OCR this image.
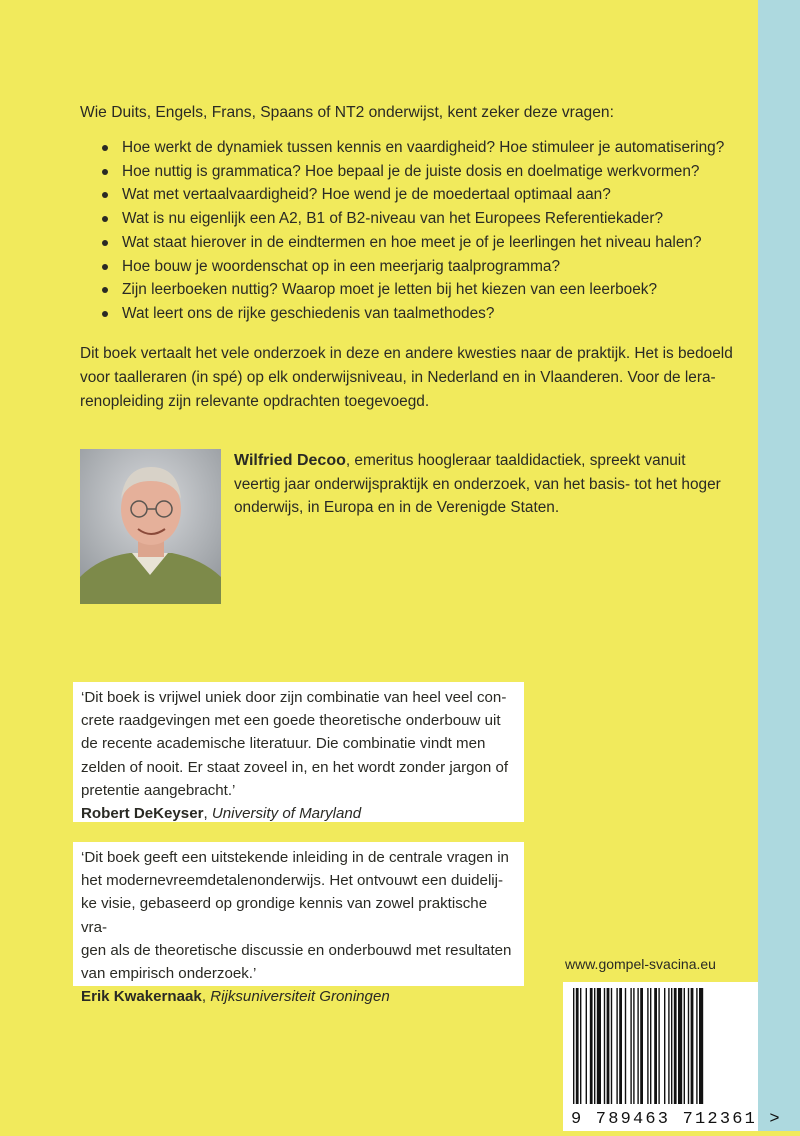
Wie Duits, Engels, Frans, Spaans of NT2 onderwijst, kent zeker deze vragen:

Hoe werkt de dynamiek tussen kennis en vaardigheid? Hoe stimuleer je automatisering?
Hoe nuttig is grammatica? Hoe bepaal je de juiste dosis en doelmatige werkvormen?
Wat met vertaalvaardigheid? Hoe wend je de moedertaal optimaal aan?
Wat is nu eigenlijk een A2, B1 of B2-niveau van het Europees Referentiekader?
Wat staat hierover in de eindtermen en hoe meet je of je leerlingen het niveau halen?
Hoe bouw je woordenschat op in een meerjarig taalprogramma?
Zijn leerboeken nuttig? Waarop moet je letten bij het kiezen van een leerboek?
Wat leert ons de rijke geschiedenis van taalmethodes?

Dit boek vertaalt het vele onderzoek in deze en andere kwesties naar de praktijk. Het is bedoeld
voor taalleraren (in spé) op elk onderwijsniveau, in Nederland en in Vlaanderen. Voor de lera-
renopleiding zijn relevante opdrachten toegevoegd.

Wilfried Decoo, emeritus hoogleraar taaldidactiek, spreekt vanuit
veertig jaar onderwijspraktijk en onderzoek, van het basis- tot het hoger
onderwijs, in Europa en in de Verenigde Staten.

‘Dit boek is vrijwel uniek door zijn combinatie van heel veel con-

crete raadgevingen met een goede theoretische onderbouw uit

de recente academische literatuur. Die combinatie vindt men

zelden of nooit. Er staat zoveel in, en het wordt zonder jargon of

pretentie aangebracht.’

Robert DeKeyser, University of Maryland

‘Dit boek geeft een uitstekende inleiding in de centrale vragen in

het modernevreemdetalenonderwijs. Het ontvouwt een duidelij-

ke visie, gebaseerd op grondige kennis van zowel praktische vra-

gen als de theoretische discussie en onderbouwd met resultaten

van empirisch onderzoek.’

Erik Kwakernaak, Rijksuniversiteit Groningen

www.gompel-svacina.eu
9 789463 712361 >
